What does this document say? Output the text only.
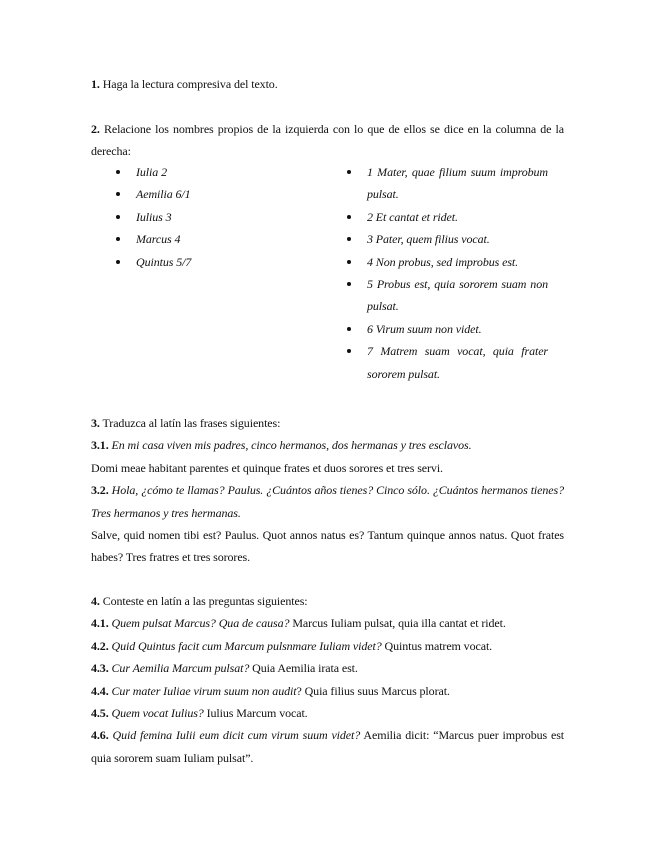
1. Haga la lectura compresiva del texto.
2. Relacione los nombres propios de la izquierda con lo que de ellos se dice en la columna de la derecha:
Iulia 2
Aemilia 6/1
Iulius 3
Marcus 4
Quintus 5/7
1 Mater, quae filium suum improbum pulsat.
2 Et cantat et ridet.
3 Pater, quem filius vocat.
4 Non probus, sed improbus est.
5 Probus est, quia sororem suam non pulsat.
6 Virum suum non videt.
7 Matrem suam vocat, quia frater sororem pulsat.
3. Traduzca al latín las frases siguientes:
3.1. En mi casa viven mis padres, cinco hermanos, dos hermanas y tres esclavos.
Domi meae habitant parentes et quinque frates et duos sorores et tres servi.
3.2. Hola, ¿cómo te llamas? Paulus. ¿Cuántos años tienes? Cinco sólo. ¿Cuántos hermanos tienes? Tres hermanos y tres hermanas.
Salve, quid nomen tibi est? Paulus. Quot annos natus es? Tantum quinque annos natus. Quot frates habes? Tres fratres et tres sorores.
4. Conteste en latín a las preguntas siguientes:
4.1. Quem pulsat Marcus? Qua de causa? Marcus Iuliam pulsat, quia illa cantat et ridet.
4.2. Quid Quintus facit cum Marcum pulsnmare Iuliam videt? Quintus matrem vocat.
4.3. Cur Aemilia Marcum pulsat? Quia Aemilia irata est.
4.4. Cur mater Iuliae virum suum non audit? Quia filius suus Marcus plorat.
4.5. Quem vocat Iulius? Iulius Marcum vocat.
4.6. Quid femina Iulii eum dicit cum virum suum videt? Aemilia dicit: “Marcus puer improbus est quia sororem suam Iuliam pulsat”.
